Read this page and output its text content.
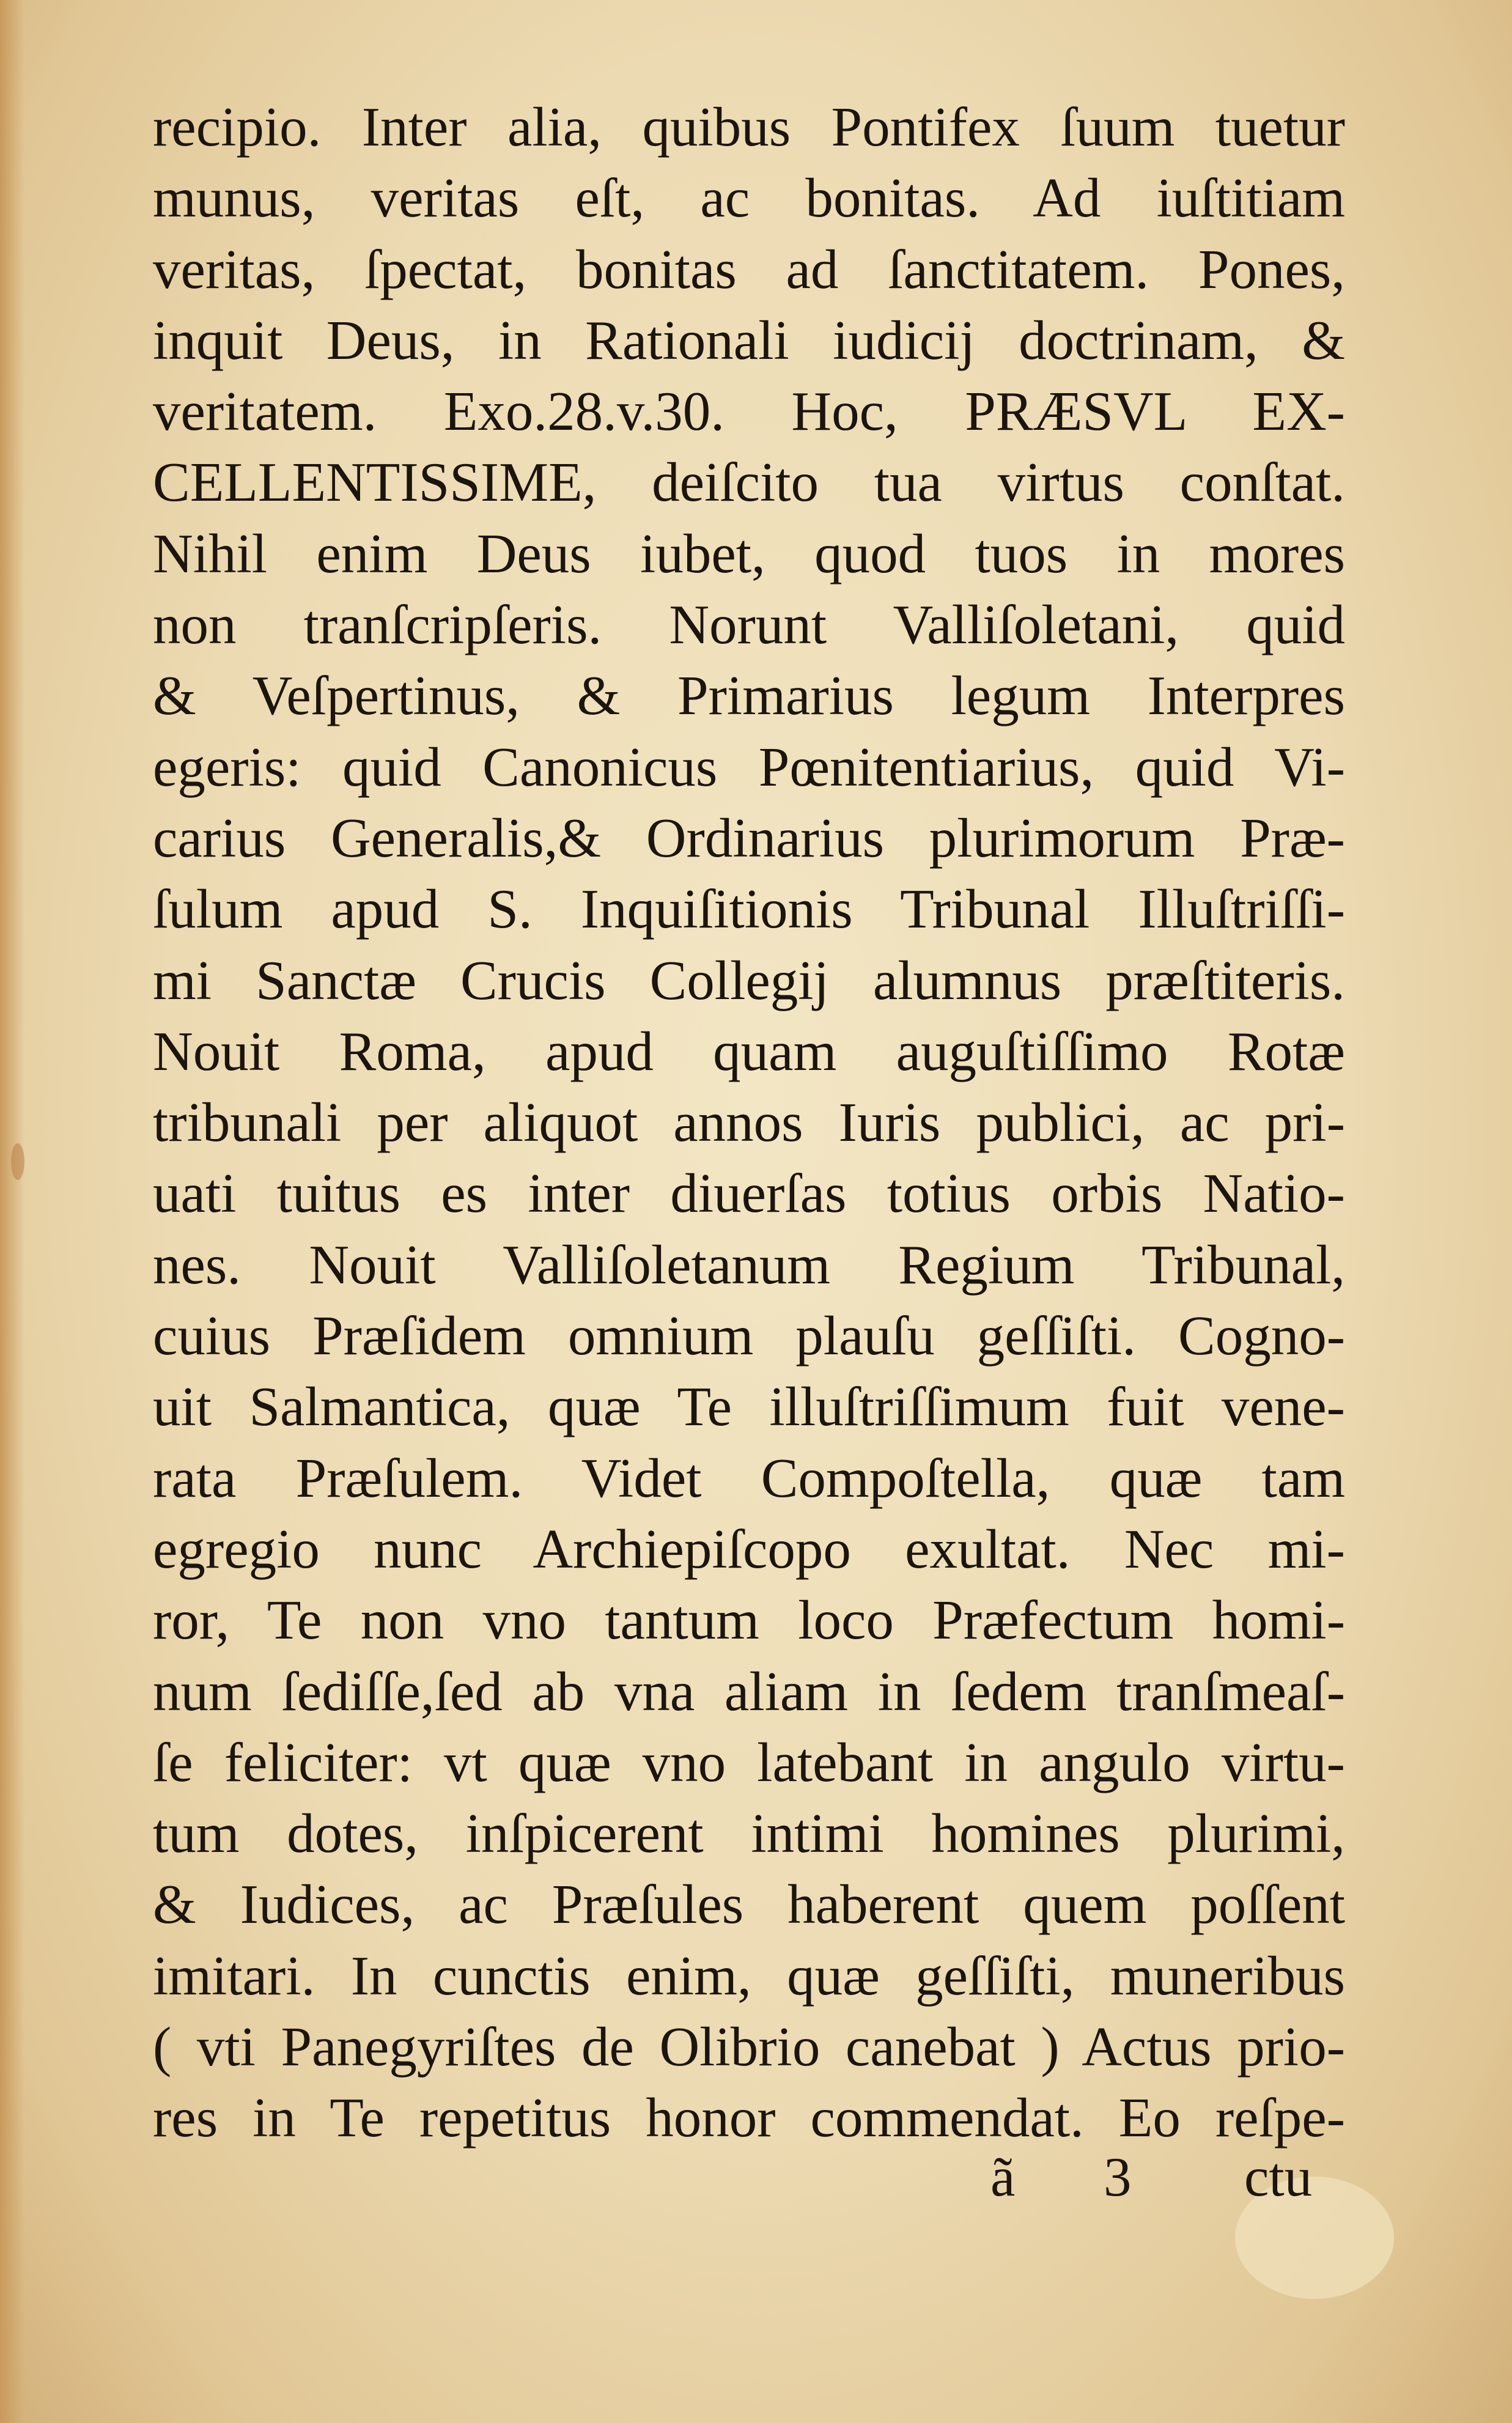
recipio. Inter alia, quibus Pontifex ſuum tuetur
munus, veritas eſt, ac bonitas. Ad iuſtitiam
veritas, ſpectat, bonitas ad ſanctitatem. Pones,
inquit Deus, in Rationali iudicij doctrinam, &
veritatem. Exo.28.v.30. Hoc, PRÆSVL EX-
CELLENTISSIME, deiſcito tua virtus conſtat.
Nihil enim Deus iubet, quod tuos in mores
non tranſcripſeris. Norunt Valliſoletani, quid
& Veſpertinus, & Primarius legum Interpres
egeris: quid Canonicus Pœnitentiarius, quid Vi-
carius Generalis,& Ordinarius plurimorum Præ-
ſulum apud S. Inquiſitionis Tribunal Illuſtriſſi-
mi Sanctæ Crucis Collegij alumnus præſtiteris.
Nouit Roma, apud quam auguſtiſſimo Rotæ
tribunali per aliquot annos Iuris publici, ac pri-
uati tuitus es inter diuerſas totius orbis Natio-
nes. Nouit Valliſoletanum Regium Tribunal,
cuius Præſidem omnium plauſu geſſiſti. Cogno-
uit Salmantica, quæ Te illuſtriſſimum fuit vene-
rata Præſulem. Videt Compoſtella, quæ tam
egregio nunc Archiepiſcopo exultat. Nec mi-
ror, Te non vno tantum loco Præfectum homi-
num ſediſſe,ſed ab vna aliam in ſedem tranſmeaſ-
ſe feliciter: vt quæ vno latebant in angulo virtu-
tum dotes, inſpicerent intimi homines plurimi,
& Iudices, ac Præſules haberent quem poſſent
imitari. In cunctis enim, quæ geſſiſti, muneribus
( vti Panegyriſtes de Olibrio canebat ) Actus prio-
res in Te repetitus honor commendat. Eo reſpe-
ã 3 ctu
